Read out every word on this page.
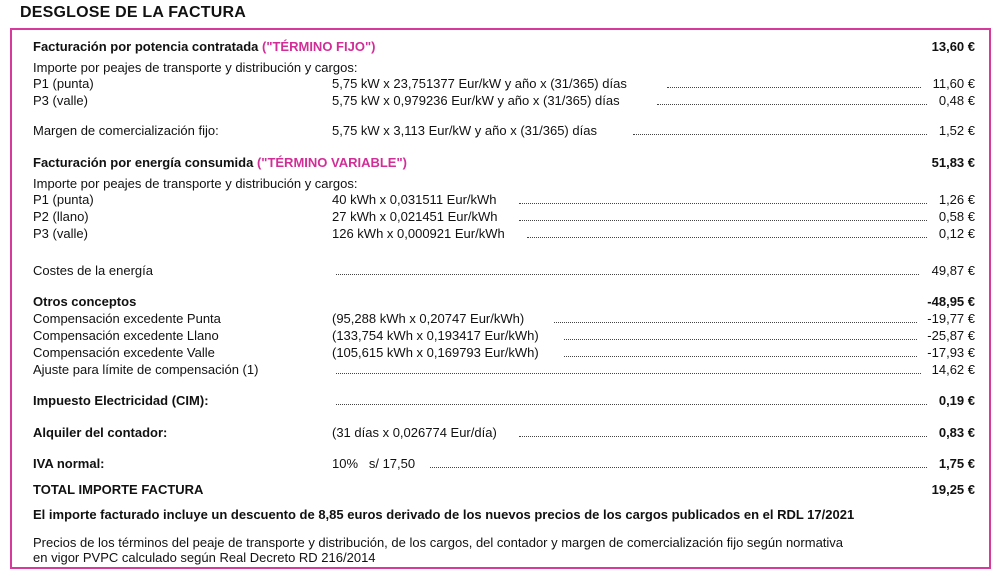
DESGLOSE DE LA FACTURA
Facturación por potencia contratada ("TÉRMINO FIJO")	13,60 €
Importe por peajes de transporte y distribución y cargos:
P1 (punta)	5,75 kW x 23,751377 Eur/kW y año x (31/365) días	11,60 €
P3 (valle)	5,75 kW x 0,979236 Eur/kW y año x (31/365) días	0,48 €
Margen de comercialización fijo:	5,75 kW x 3,113 Eur/kW y año x (31/365) días	1,52 €
Facturación por energía consumida ("TÉRMINO VARIABLE")	51,83 €
Importe por peajes de transporte y distribución y cargos:
P1 (punta)	40 kWh x 0,031511 Eur/kWh	1,26 €
P2 (llano)	27 kWh x 0,021451 Eur/kWh	0,58 €
P3 (valle)	126 kWh x 0,000921 Eur/kWh	0,12 €
Costes de la energía	49,87 €
Otros conceptos	-48,95 €
Compensación excedente Punta	(95,288 kWh x 0,20747 Eur/kWh)	-19,77 €
Compensación excedente Llano	(133,754 kWh x 0,193417 Eur/kWh)	-25,87 €
Compensación excedente Valle	(105,615 kWh x 0,169793 Eur/kWh)	-17,93 €
Ajuste para límite de compensación (1)	14,62 €
Impuesto Electricidad (CIM):	0,19 €
Alquiler del contador:	(31 días x 0,026774 Eur/día)	0,83 €
IVA normal:	10%   s/ 17,50	1,75 €
TOTAL IMPORTE FACTURA	19,25 €
El importe facturado incluye un descuento de 8,85 euros derivado de los nuevos precios de los cargos publicados en el RDL 17/2021
Precios de los términos del peaje de transporte y distribución, de los cargos, del contador y margen de comercialización fijo según normativa
en vigor PVPC calculado según Real Decreto RD 216/2014
